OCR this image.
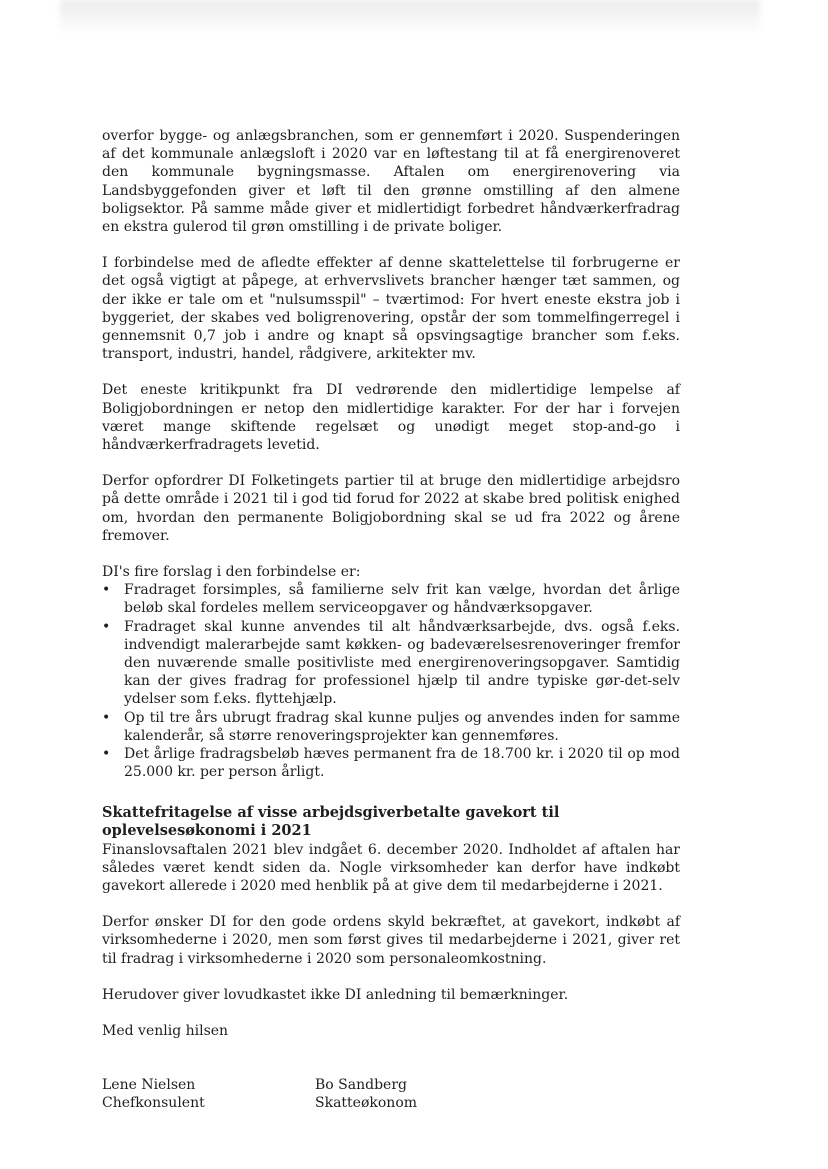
overfor bygge- og anlægsbranchen, som er gennemført i 2020. Suspenderingen af det kommunale anlægsloft i 2020 var en løftestang til at få energirenoveret den kommunale bygningsmasse. Aftalen om energirenovering via Landsbyggefonden giver et løft til den grønne omstilling af den almene boligsektor. På samme måde giver et midlertidigt forbedret håndværkerfradrag en ekstra gulerod til grøn omstilling i de private boliger.

I forbindelse med de afledte effekter af denne skattelettelse til forbrugerne er det også vigtigt at påpege, at erhvervslivets brancher hænger tæt sammen, og der ikke er tale om et "nulsumsspil" – tværtimod: For hvert eneste ekstra job i byggeriet, der skabes ved boligrenovering, opstår der som tommelfingerregel i gennemsnit 0,7 job i andre og knapt så opsvingsagtige brancher som f.eks. transport, industri, handel, rådgivere, arkitekter mv.

Det eneste kritikpunkt fra DI vedrørende den midlertidige lempelse af Boligjobordningen er netop den midlertidige karakter. For der har i forvejen været mange skiftende regelsæt og unødigt meget stop-and-go i håndværkerfradragets levetid.

Derfor opfordrer DI Folketingets partier til at bruge den midlertidige arbejdsro på dette område i 2021 til i god tid forud for 2022 at skabe bred politisk enighed om, hvordan den permanente Boligjobordning skal se ud fra 2022 og årene fremover.

DI's fire forslag i den forbindelse er:

• Fradraget forsimples, så familierne selv frit kan vælge, hvordan det årlige beløb skal fordeles mellem serviceopgaver og håndværksopgaver.
• Fradraget skal kunne anvendes til alt håndværksarbejde, dvs. også f.eks. indvendigt malerarbejde samt køkken- og badeværelsesrenoveringer fremfor den nuværende smalle positivliste med energirenoveringsopgaver. Samtidig kan der gives fradrag for professionel hjælp til andre typiske gør-det-selv ydelser som f.eks. flyttehjælp.
• Op til tre års ubrugt fradrag skal kunne puljes og anvendes inden for samme kalenderår, så større renoveringsprojekter kan gennemføres.
• Det årlige fradragsbeløb hæves permanent fra de 18.700 kr. i 2020 til op mod 25.000 kr. per person årligt.
Skattefritagelse af visse arbejdsgiverbetalte gavekort til oplevelsesøkonomi i 2021

Finanslovsaftalen 2021 blev indgået 6. december 2020. Indholdet af aftalen har således været kendt siden da. Nogle virksomheder kan derfor have indkøbt gavekort allerede i 2020 med henblik på at give dem til medarbejderne i 2021.

Derfor ønsker DI for den gode ordens skyld bekræftet, at gavekort, indkøbt af virksomhederne i 2020, men som først gives til medarbejderne i 2021, giver ret til fradrag i virksomhederne i 2020 som personaleomkostning.

Herudover giver lovudkastet ikke DI anledning til bemærkninger.

Med venlig hilsen

Lene Nielsen
Chefkonsulent
Bo Sandberg
Skatteøkonom
